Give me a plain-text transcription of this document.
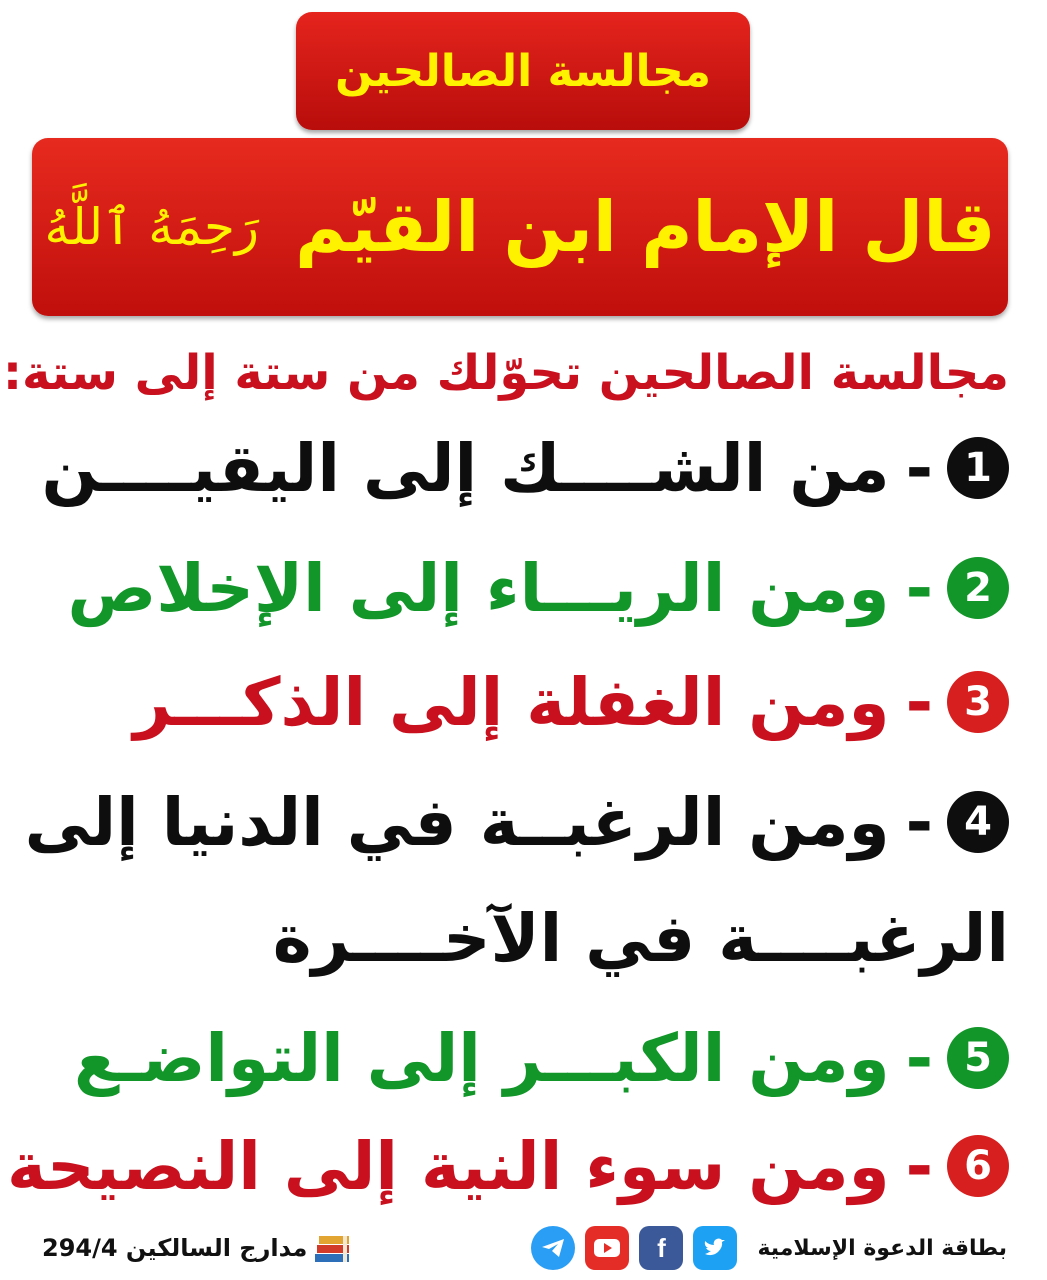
مجالسة الصالحين
قال الإمام ابن القيّم
رَحِمَهُ ٱللَّهُ
مجالسة الصالحين تحوّلك من ستة إلى ستة:
1
-
من الشــــك إلى اليقيــــن
2
-
ومن الريـــاء إلى الإخلاص
3
-
ومن الغفلة إلى الذكـــر
4
-
ومن الرغبــة في الدنيا إلى
الرغبــــة في الآخــــرة
5
-
ومن الكبـــر إلى التواضـع
6
-
ومن سوء النية إلى النصيحة
مدارج السالكين 294/4	بطاقة الدعوة الإسلامية
f
